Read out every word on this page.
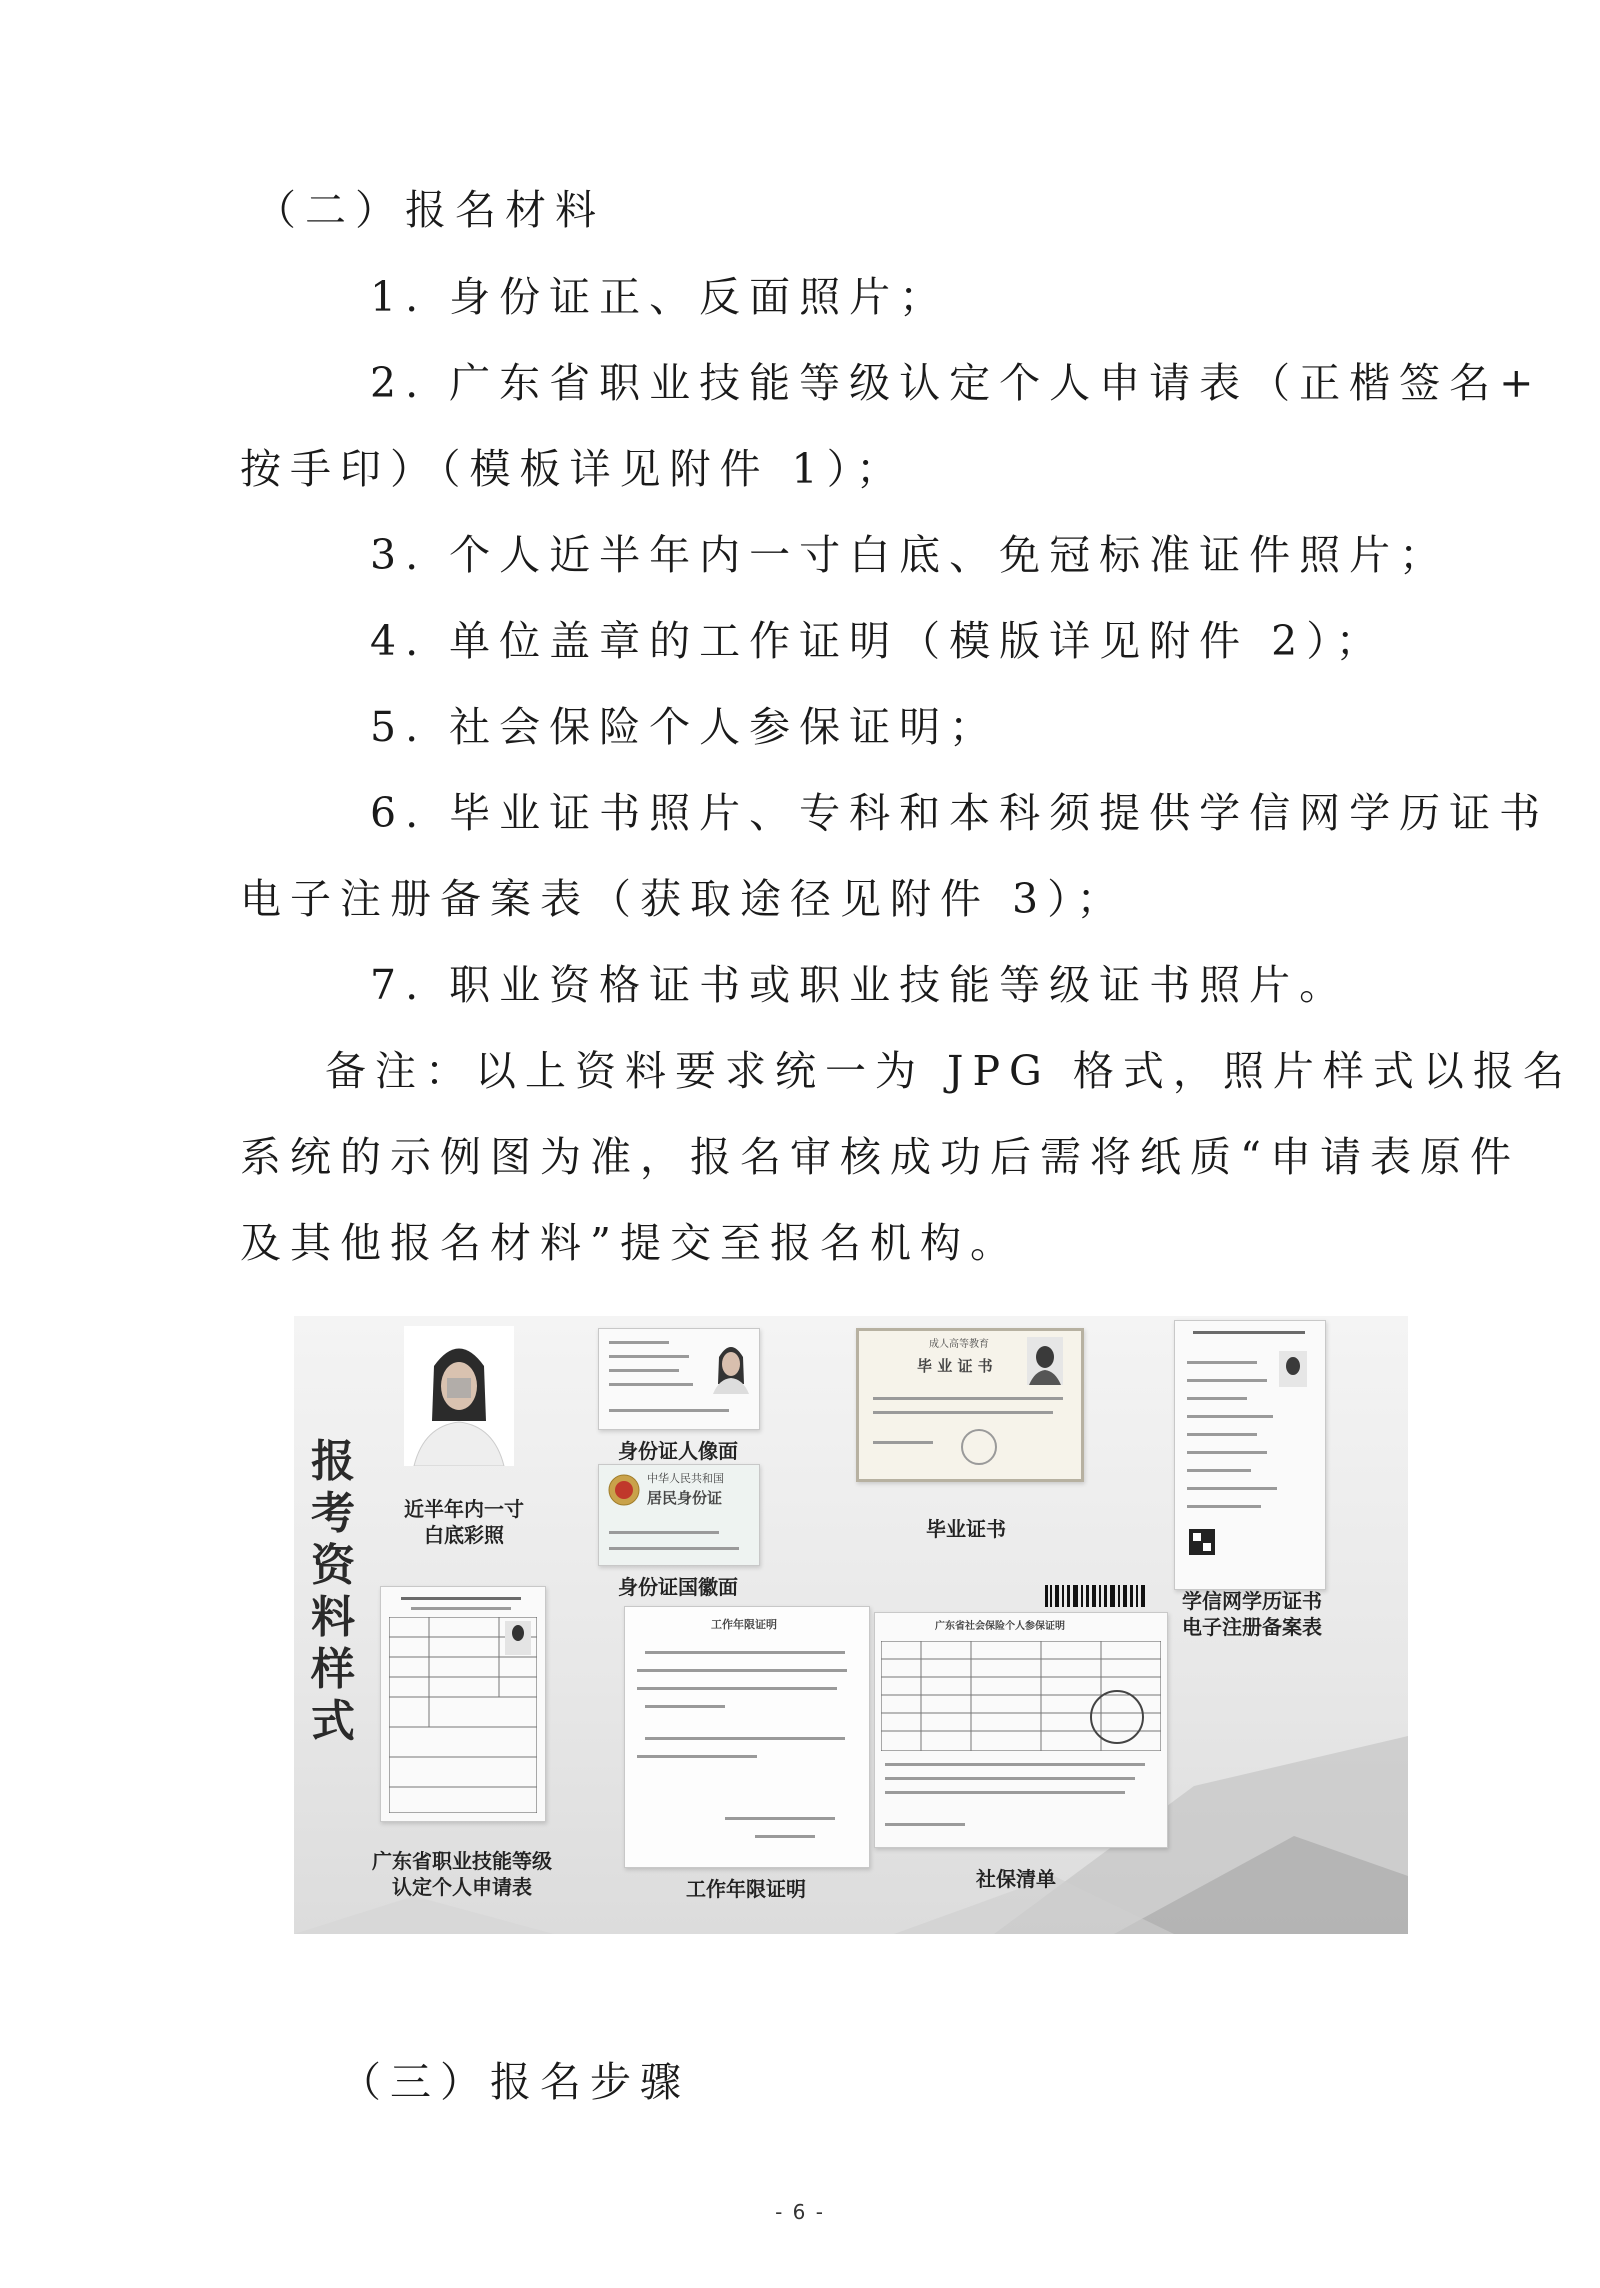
（二）报名材料
1. 身份证正、反面照片；
2. 广东省职业技能等级认定个人申请表（正楷签名+
按手印）（模板详见附件 1）；
3. 个人近半年内一寸白底、免冠标准证件照片；
4. 单位盖章的工作证明（模版详见附件 2）；
5. 社会保险个人参保证明；
6. 毕业证书照片、专科和本科须提供学信网学历证书
电子注册备案表（获取途径见附件 3）；
7. 职业资格证书或职业技能等级证书照片。
备注：以上资料要求统一为 JPG 格式，照片样式以报名
系统的示例图为准，报名审核成功后需将纸质“申请表原件
及其他报名材料”提交至报名机构。
报考资料样式
近半年内一寸
白底彩照
身份证人像面
中华人民共和国
居民身份证
身份证国徽面
成人高等教育
毕 业 证 书
毕业证书
学信网学历证书
电子注册备案表
广东省职业技能等级
认定个人申请表
工作年限证明
工作年限证明
广东省社会保险个人参保证明
社保清单
（三）报名步骤
- 6 -
